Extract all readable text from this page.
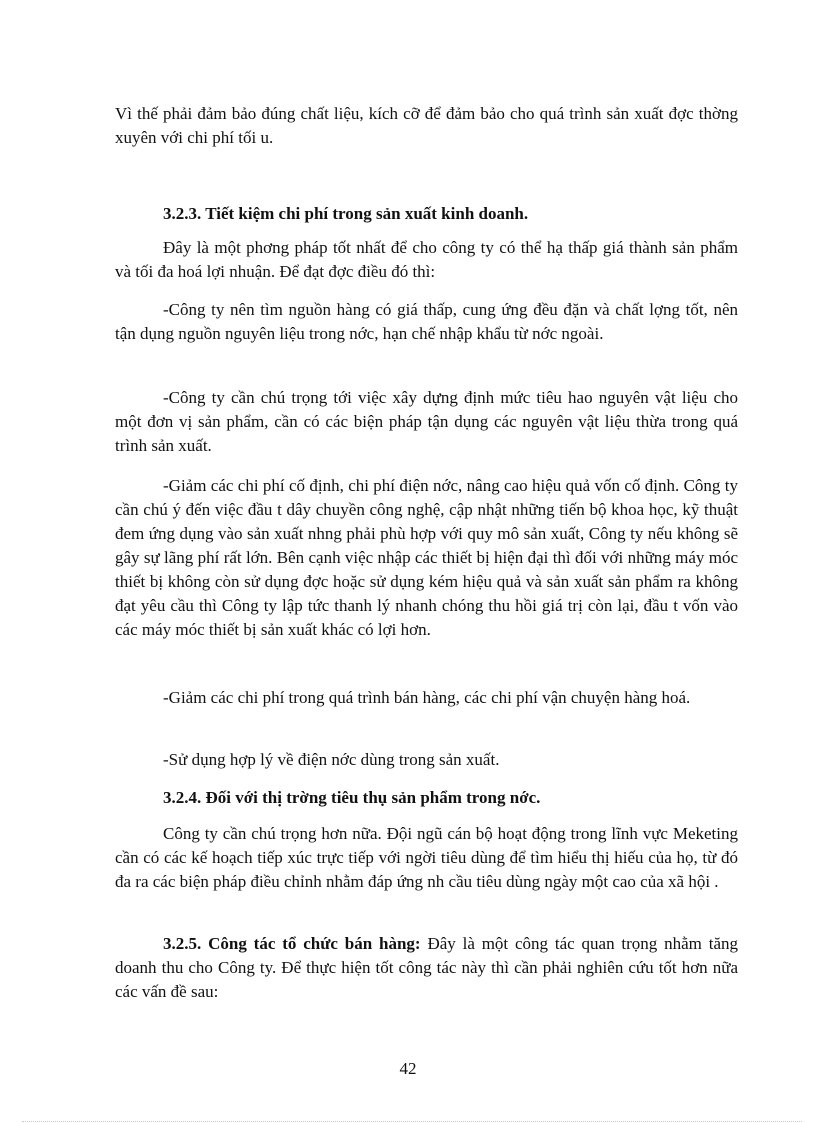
Vì thế phải đảm bảo đúng chất liệu, kích cỡ để đảm bảo cho quá trình sản xuất đợc thờng xuyên với chi phí tối u.

3.2.3. Tiết kiệm chi phí trong sản xuất kinh doanh.

Đây là một phơng pháp tốt nhất để cho công ty có thể hạ thấp giá thành sản phẩm và tối đa hoá lợi nhuận. Để đạt đợc điều đó thì:

-Công ty nên tìm nguồn hàng có giá thấp, cung ứng đều đặn và chất lợng tốt, nên tận dụng nguồn nguyên liệu trong nớc, hạn chế nhập khẩu từ nớc ngoài.

-Công ty cần chú trọng tới việc xây dựng định mức tiêu hao nguyên vật liệu cho một đơn vị sản phẩm, cần có các biện pháp tận dụng các nguyên vật liệu thừa trong quá trình sản xuất.

-Giảm các chi phí cố định, chi phí điện nớc, nâng cao hiệu quả vốn cố định. Công ty cần chú ý đến việc đầu t dây chuyền công nghệ, cập nhật những tiến bộ khoa học, kỹ thuật đem ứng dụng vào sản xuất nhng phải phù hợp với quy mô sản xuất, Công ty nếu không sẽ gây sự lãng phí rất lớn. Bên cạnh việc nhập các thiết bị hiện đại thì đối với những máy móc thiết bị không còn sử dụng đợc hoặc sử dụng kém hiệu quả và sản xuất sản phẩm ra không đạt yêu cầu thì Công ty lập tức thanh lý nhanh chóng thu hồi giá trị còn lại, đầu t vốn vào các máy móc thiết bị sản xuất khác có lợi hơn.

-Giảm các chi phí trong quá trình bán hàng, các chi phí vận chuyện hàng hoá.

-Sử dụng hợp lý về điện nớc dùng trong sản xuất.

3.2.4. Đối với thị trờng tiêu thụ sản phẩm trong nớc.

Công ty cần chú trọng hơn nữa. Đội ngũ cán bộ hoạt động trong lĩnh vực Meketing cần có các kế hoạch tiếp xúc trực tiếp với ngời tiêu dùng để tìm hiểu thị hiếu của họ, từ đó đa ra các biện pháp điều chỉnh nhằm đáp ứng nh cầu tiêu dùng ngày một cao của xã hội .

3.2.5. Công tác tổ chức bán hàng: Đây là một công tác quan trọng nhằm tăng doanh thu cho Công ty. Để thực hiện tốt công tác này thì cần phải nghiên cứu tốt hơn nữa các vấn đề sau:

42
